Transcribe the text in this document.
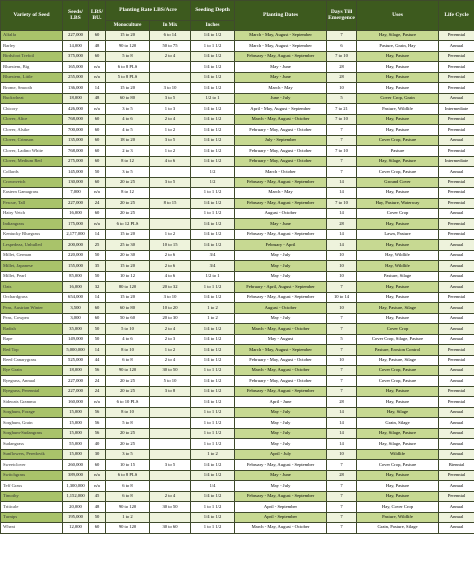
Variety of Seed	Seeds/ LBS	LBS/ BU.	Planting Rate LBS/Acre		Seeding Depth	Planting Dates	Days Till Emergence	Uses	Life Cycle
			Monoculture	In Mix	Inches				
Alfalfa	227,000	60	15 to 20	6 to 14	1/4 to 1/2	March - May, August - September	7	Hay, Silage, Pasture	Perennial
Barley	14,000	48	90 to 120	50 to 75	1 to 1 1/2	March - May, August - September	6	Pasture, Grain, Hay	Annual
Birdsfoot Trefoil	375,000	60	5 to 8	2 to 4	1/4 to 1/2	February - May, August - September	7 to 10	Hay, Pasture	Perennial
Bluestem, Big	165,000	n/a	6 to 8 PLS		1/4 to 1/2	May - June	28	Hay, Pasture	Perennial
Bluestem, Little	255,000	n/a	5 to 8 PLS		1/4 to 1/2	May - June	28	Hay, Pasture	Perennial
Brome, Smooth	136,000	14	15 to 20	3 to 10	1/4 to 1/2	March - May	10	Hay, Pasture	Perennial
Buckwheat	18,000	48	60 to 80	3 to 5	1/2 to 1	June - July	5	Cover Crop, Grain	Annual
Chicory	426,000	n/a	3 to 5	1 to 3	1/4 to 1/2	April - May, August - September	7 to 21	Pasture, Wildlife	Intermediate
Clover, Alice	768,000	60	4 to 6	2 to 4	1/4 to 1/2	March - May, August - October	7 to 10	Hay, Pasture	Perennial
Clover, Alsike	700,000	60	4 to 5	1 to 2	1/4 to 1/2	February - May, August - October	7	Hay, Pasture	Perennial
Clover, Crimson	135,000	60	18 to 20	3 to 5	1/4 to 1/2	July - September	7	Cover Crop, Pasture	Annual
Clover, Ladino White	768,000	60	2 to 3	1 to 2	1/4 to 1/2	February - May, August - October	7 to 10	Pasture	Perennial
Clover, Medium Red	275,000	60	8 to 12	4 to 6	1/4 to 1/2	February - May, August - October	7	Hay, Silage, Pasture	Intermediate
Collards	145,000	50	3 to 5		1/2	March - October	7	Cover Crop, Pasture	Annual
Crownvetch	130,000	60	20 to 25	3 to 5	1/2	February - May, August - September	14	Ground Cover	Perennial
Eastern Gamagrass	7,000	n/a	8 to 12		1 to 1 1/2	March - May	14	Hay, Pasture	Perennial
Fescue, Tall	227,000	24	20 to 25	8 to 15	1/4 to 1/2	February - May, August - September	7 to 10	Hay, Pasture, Waterway	Perennial
Hairy Vetch	16,000	60	20 to 25		1 to 1 1/2	August - October	14	Cover Crop	Annual
Indiangrass	175,000	n/a	6 to 12 PLS		1/4 to 1/2	May - June	28	Hay, Pasture	Perennial
Kentucky Bluegrass	2,177,000	14	15 to 20	1 to 2	1/4 to 1/2	February - May, August - September	14	Lawn, Pasture	Perennial
Lespedeza, Unhulled	200,000	25	25 to 30	10 to 15	1/4 to 1/2	February - April	14	Hay, Pasture	Annual
Millet, German	220,000	50	20 to 30	2 to 6	3/4	May - July	10	Hay, Wildlife	Annual
Millet, Japanese	155,000	35	15 to 20	2 to 6	3/4	May - July	10	Hay, Wildlife	Annual
Millet, Pearl	85,000	50	10 to 12	4 to 6	1/2 to 1	May - July	10	Pasture, Silage	Annual
Oats	16,000	32	80 to 120	20 to 32	1 to 1 1/2	February - April, August - September	7	Hay, Pasture	Annual
Orchardgrass	654,000	14	15 to 20	3 to 10	1/4 to 1/2	February - May, August - September	10 to 14	Hay, Pasture	Perennial
Peas, Austrian Winter	3,500	60	60 to 80	10 to 20	1 to 2	August - October	10	Hay, Pasture, Silage	Annual
Peas, Cowpea	3,000	60	50 to 60	20 to 30	1 to 2	May - July	7	Hay, Pasture	Annual
Radish	35,000	50	5 to 10	2 to 4	1/4 to 1/2	March - May, August - October	7	Cover Crop	Annual
Rape	149,000	50	4 to 6	2 to 3	1/4 to 1/2	May - August	5	Cover Crop, Silage, Pasture	Annual
Red Top	5,000,000	14	8 to 10	1 to 2	1/4 to 1/2	March - May, August - September	7	Pasture, Erosion Control	Perennial
Reed Canarygrass	525,000	44	6 to 8	2 to 4	1/4 to 1/2	February - May, August - October	10	Hay, Pasture, Silage	Perennial
Rye Grain	18,000	56	90 to 120	30 to 50	1 to 1 1/2	March - May, August - October	7	Cover Crop, Pasture	Annual
Ryegrass, Annual	227,000	24	20 to 25	5 to 10	1/4 to 1/2	February - May, August - October	7	Cover Crop, Pasture	Annual
Ryegrass, Perennial	227,000	24	20 to 25	3 to 8	1/4 to 1/2	February - May, August - September	7	Hay, Pasture	Perennial
Sideoats Gramma	160,000	n/a	6 to 10 PLS		1/4 to 1/2	April - June	28	Hay, Pasture	Perennial
Sorghum, Forage	15,000	56	8 to 10		1 to 1 1/2	May - July	14	Hay, Silage	Annual
Sorghum, Grain	15,000	56	5 to 8		1 to 1 1/2	May - July	14	Grain, Silage	Annual
Sorghum-Sudangrass	15,000	56	20 to 25		1 to 1 1/2	May - July	14	Hay, Silage, Pasture	Annual
Sudangrass	55,000	40	20 to 25		1 to 1 1/2	May - July	14	Hay, Silage, Pasture	Annual
Sunflowers, Peredovik	15,000	30	3 to 5		1 to 2	April - July	10	Wildlife	Annual
Sweetclover	260,000	60	10 to 15	3 to 5	1/4 to 1/2	February - May, August - September	7	Cover Crop, Pasture	Biennial
Switchgrass	389,000	n/a	6 to 8 PLS		1/4 to 1/2	May - June	28	Hay, Pasture	Perennial
Teff Grass	1,300,000	n/a	6 to 8		1/4	May - July	7	Hay, Pasture	Annual
Timothy	1,152,000	45	6 to 8	2 to 4	1/4 to 1/2	February - May, August - September	7	Hay, Pasture	Perennial
Triticale	20,000	48	90 to 120	30 to 50	1 to 1 1/2	April - September	7	Hay, Cover Crop	Annual
Turnips	195,000	50	1 to 2		1/4 to 1/2	April - September	7	Pasture, Wildlife	Annual
Wheat	12,000	60	90 to 120	30 to 60	1 to 1 1/2	March - May, August - October	7	Grain, Pasture, Silage	Annual
